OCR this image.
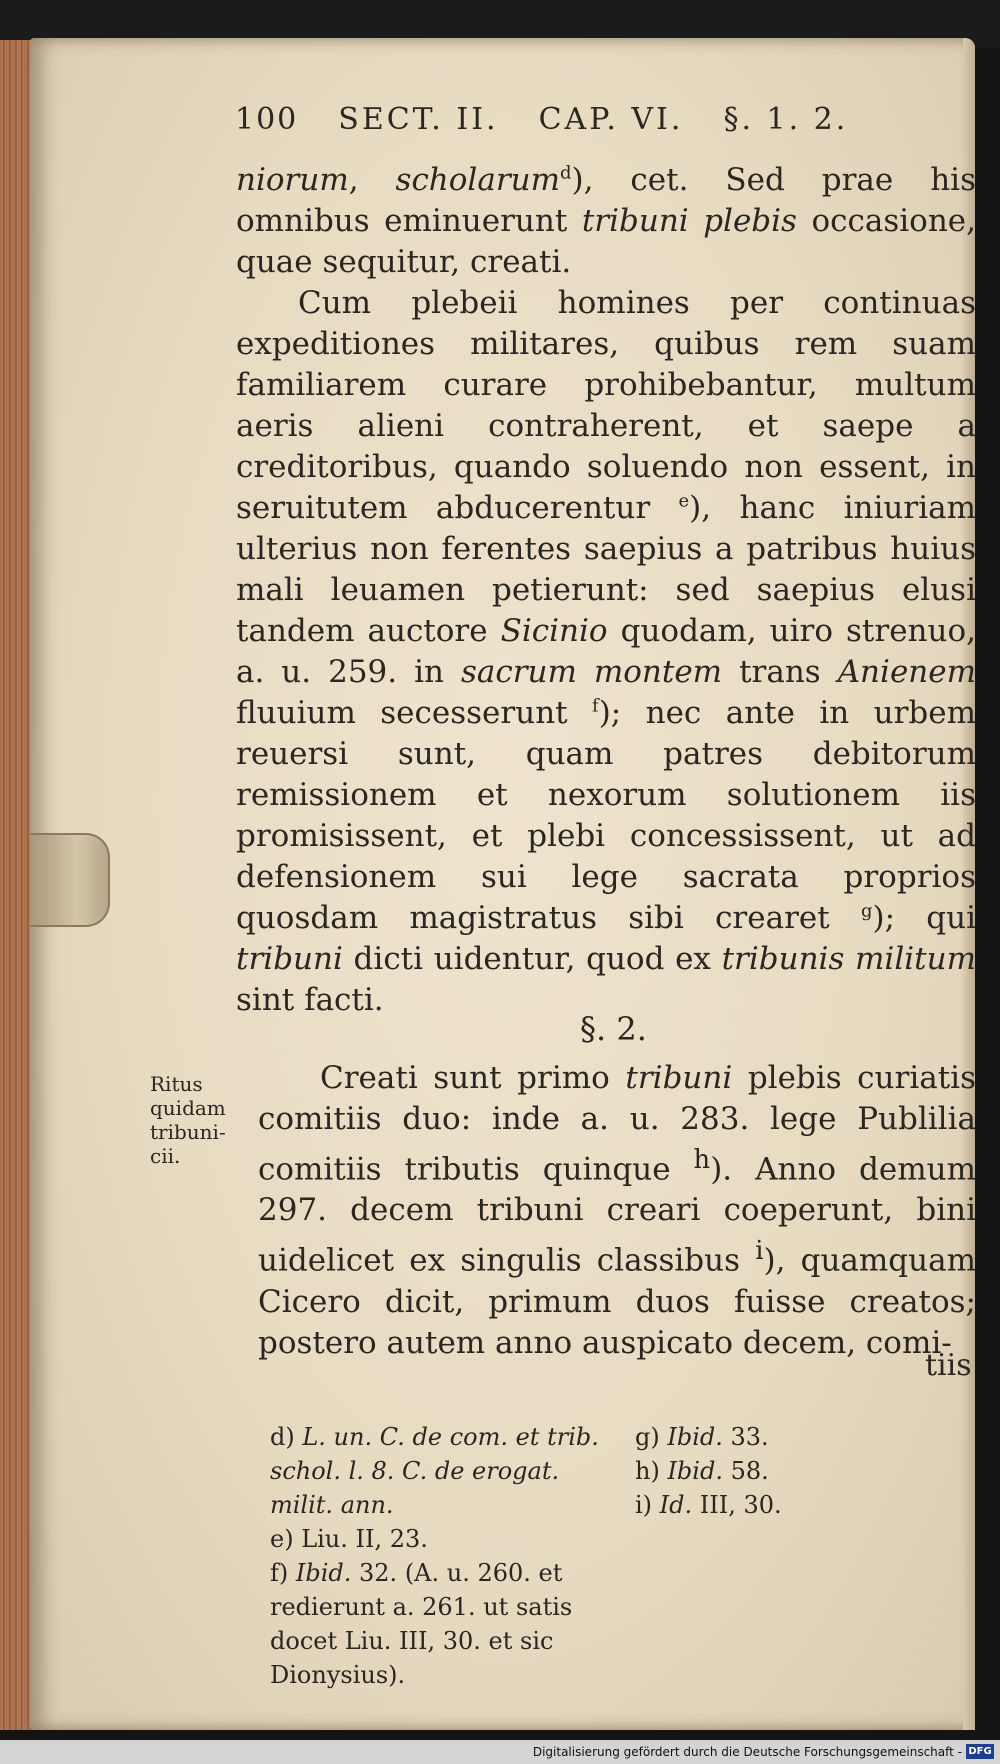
100 SECT. II. CAP. VI. §. 1. 2.

niorum, scholarum$^d$), cet. Sed prae his omnibus eminuerunt tribuni plebis occasione, quae sequitur, creati.

Cum plebeii homines per continuas expeditiones militares, quibus rem suam familiarem curare prohibebantur, multum aeris alieni contraherent, et saepe a creditoribus, quando soluendo non essent, in seruitutem abducerentur $^e$), hanc iniuriam ulterius non ferentes saepius a patribus huius mali leuamen petierunt: sed saepius elusi tandem auctore Sicinio quodam, uiro strenuo, a. u. 259. in sacrum montem trans Anienem fluuium secesserunt $^f$); nec ante in urbem reuersi sunt, quam patres debitorum remissionem et nexorum solutionem iis promisissent, et plebi concessissent, ut ad defensionem sui lege sacrata proprios quosdam magistratus sibi crearet $^g$); qui tribuni dicti uidentur, quod ex tribunis militum sint facti.

§. 2.
Ritus
quidam
tribuni-
cii.

Creati sunt primo tribuni plebis curiatis comitiis duo: inde a. u. 283. lege Publilia comitiis tributis quinque $^h$). Anno demum 297. decem tribuni creari coeperunt, bini uidelicet ex singulis classibus $^i$), quamquam Cicero dicit, primum duos fuisse creatos; postero autem anno auspicato decem, comi-

tiis
d) L. un. C. de com. et trib. schol. l. 8. C. de erogat. milit. ann.
e) Liu. II, 23.
f) Ibid. 32. (A. u. 260. et redierunt a. 261. ut satis docet Liu. III, 30. et sic Dionysius).
g) Ibid. 33.
h) Ibid. 58.
i) Id. III, 30.
Digitalisierung gefördert durch die Deutsche Forschungsgemeinschaft - DFG
